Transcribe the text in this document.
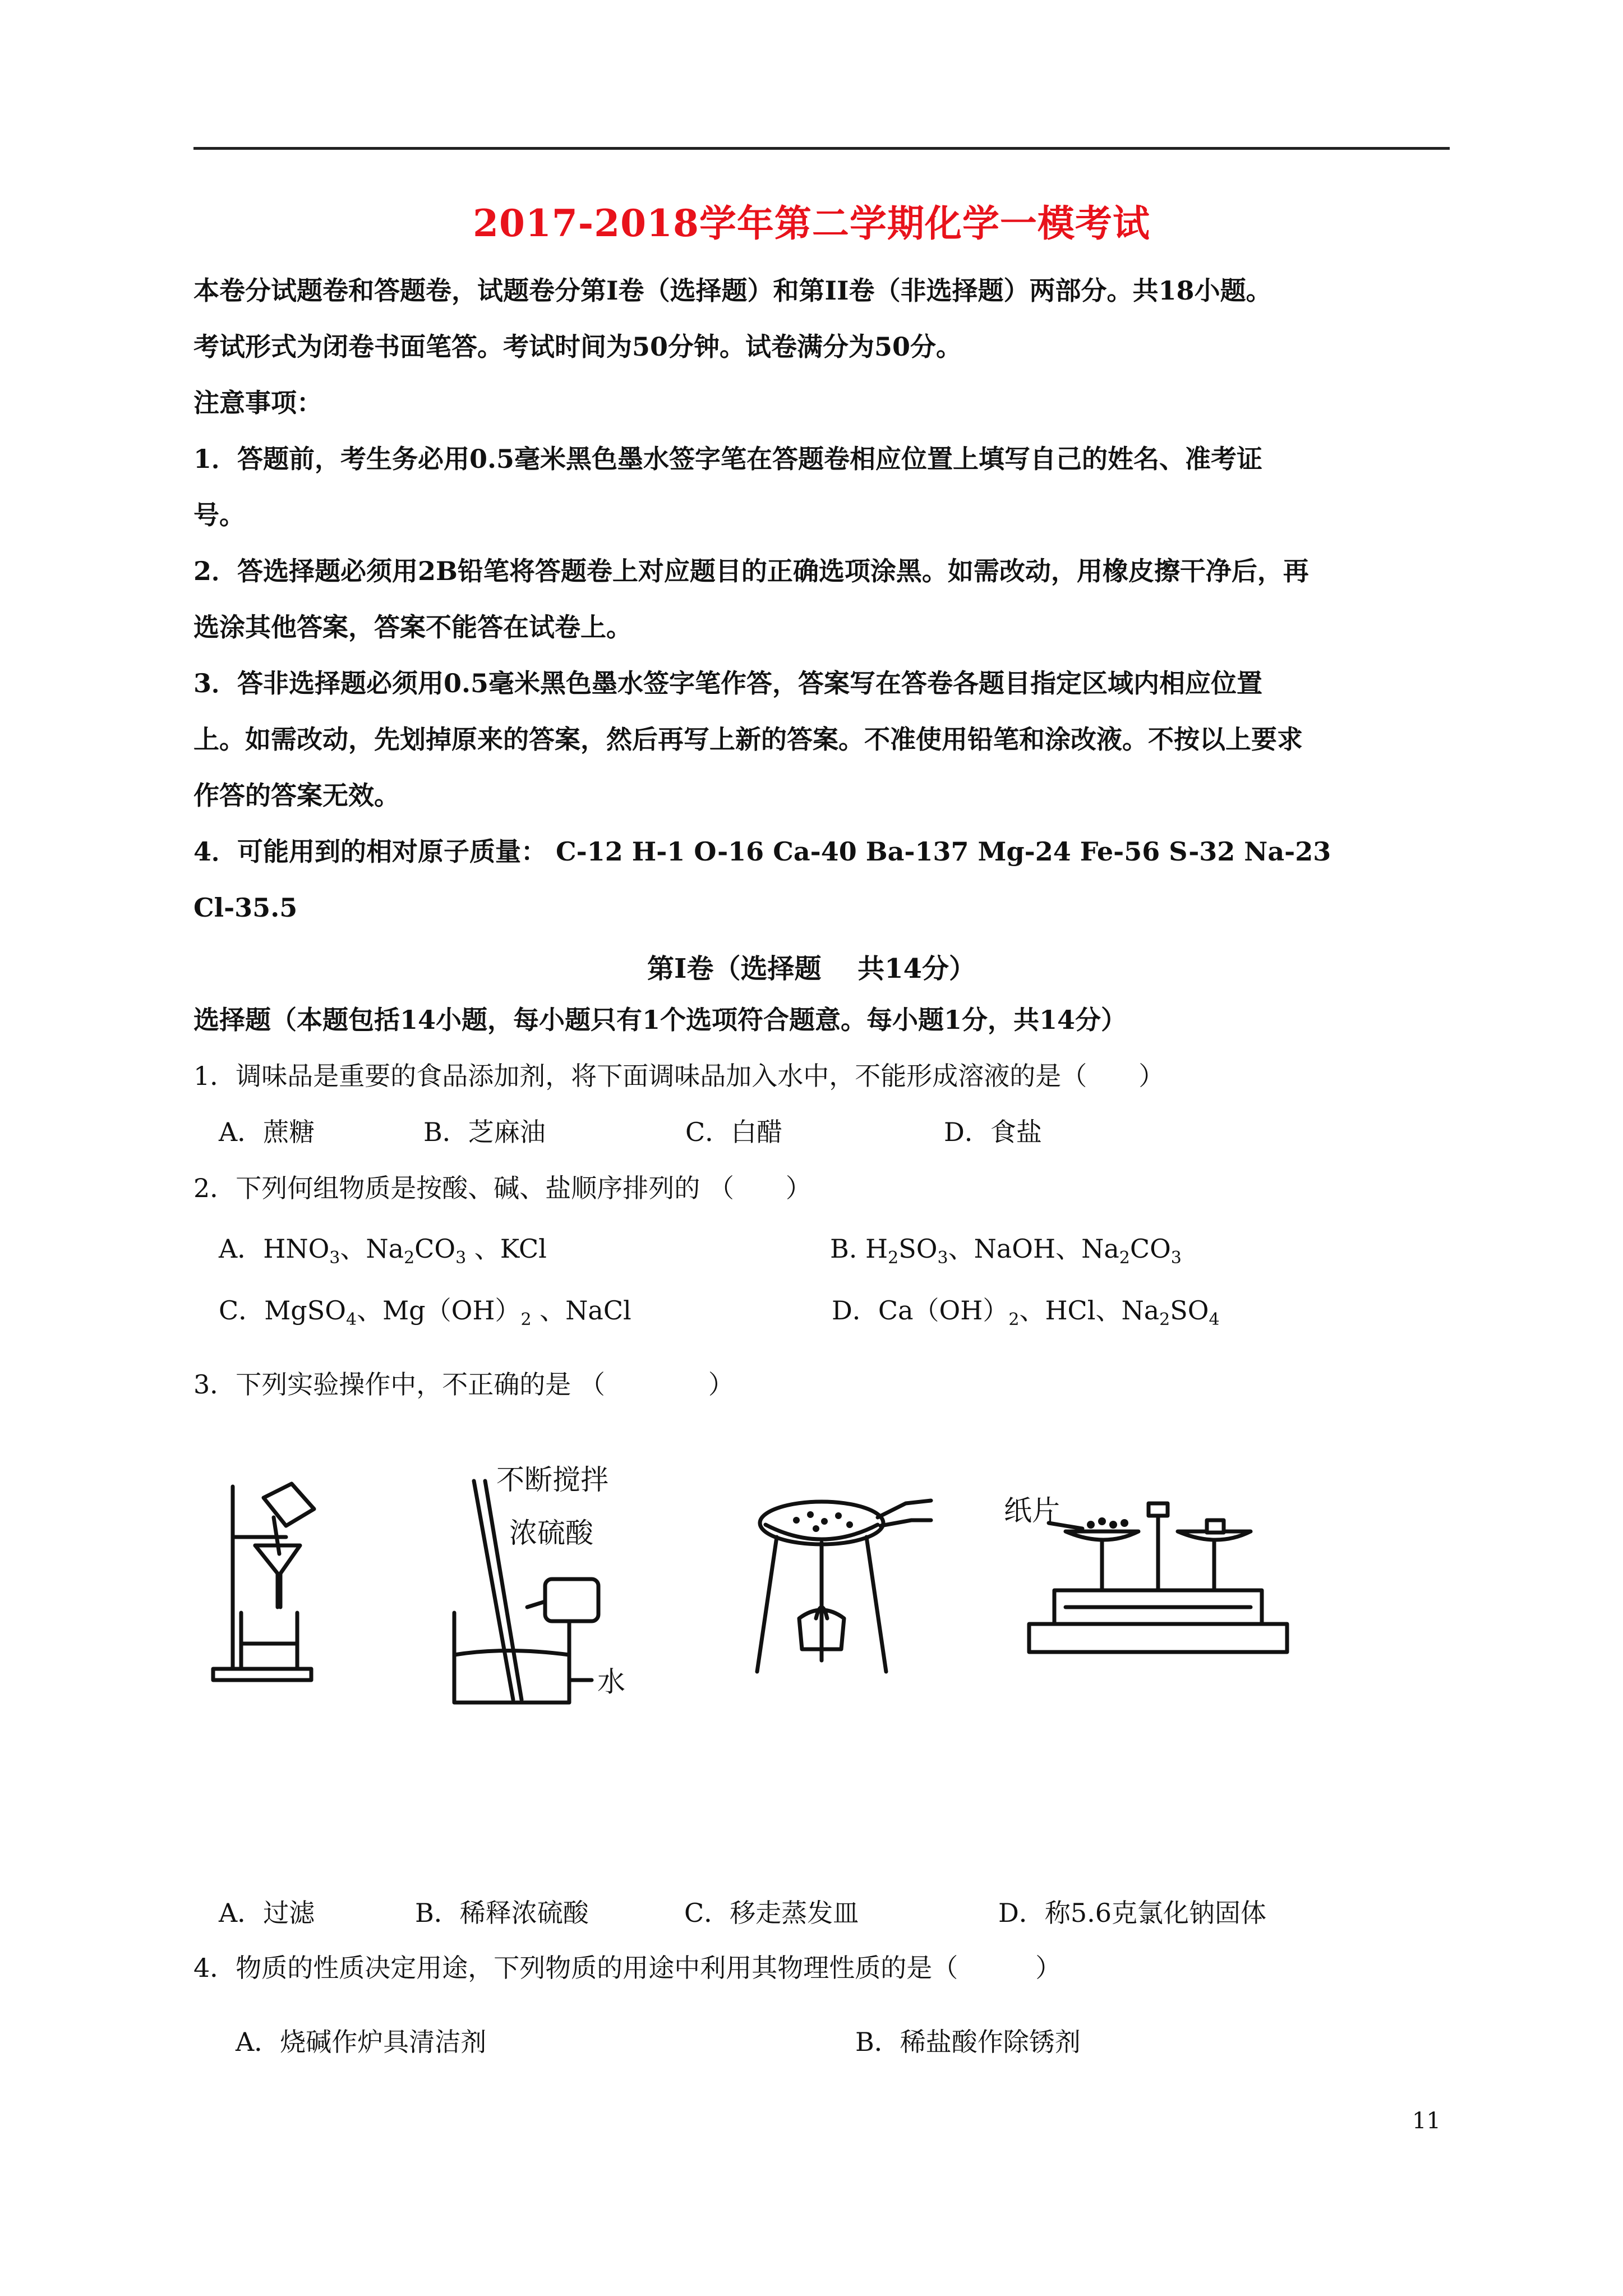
2017-2018学年第二学期化学一模考试
本卷分试题卷和答题卷，试题卷分第Ⅰ卷（选择题）和第II卷（非选择题）两部分。共18小题。
考试形式为闭卷书面笔答。考试时间为50分钟。试卷满分为50分。
注意事项：
1．答题前，考生务必用0.5毫米黑色墨水签字笔在答题卷相应位置上填写自己的姓名、准考证
号。
2．答选择题必须用2B铅笔将答题卷上对应题目的正确选项涂黑。如需改动，用橡皮擦干净后，再
选涂其他答案，答案不能答在试卷上。
3．答非选择题必须用0.5毫米黑色墨水签字笔作答，答案写在答卷各题目指定区域内相应位置
上。如需改动，先划掉原来的答案，然后再写上新的答案。不准使用铅笔和涂改液。不按以上要求
作答的答案无效。
4．可能用到的相对原子质量： C-12 H-1 O-16 Ca-40 Ba-137 Mg-24 Fe-56 S-32 Na-23
Cl-35.5
第Ⅰ卷（选择题　 共14分）
选择题（本题包括14小题，每小题只有1个选项符合题意。每小题1分，共14分）
1．调味品是重要的食品添加剂，将下面调味品加入水中，不能形成溶液的是（　　）
A．蔗糖	B．芝麻油	C．白醋	D．食盐
2．下列何组物质是按酸、碱、盐顺序排列的 （　　）
A．$HNO_3$、$Na_2CO_3$ 、KCl	B. $H_2SO_3$、NaOH、$Na_2CO_3$
C．MgSO$_4$、$Mg(OH)_2$ 、NaCl	D．$Ca(OH)_2$、HCl、$Na_2SO_4$
3．下列实验操作中，不正确的是 （　　　　）
不断搅拌
浓硫酸
水
纸片
A．过滤	B．稀释浓硫酸	C．移走蒸发皿	D．称5.6克氯化钠固体
4．物质的性质决定用途，下列物质的用途中利用其物理性质的是（　　　）
A．烧碱作炉具清洁剂	B．稀盐酸作除锈剂
11
